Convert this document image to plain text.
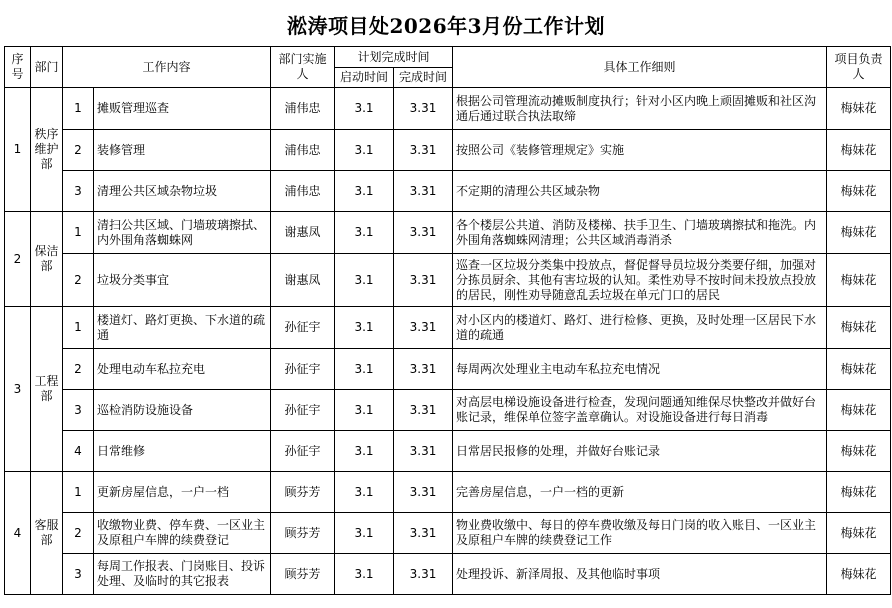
淞涛项目处2026年3月份工作计划
序号	部门	工作内容		部门实施人	计划完成时间		具体工作细则	项目负责人
					启动时间	完成时间		
1	秩序维护部	1	摊贩管理巡查	浦伟忠	3.1	3.31	根据公司管理流动摊贩制度执行；针对小区内晚上顽固摊贩和社区沟通后通过联合执法取缔	梅妹花
		2	装修管理	浦伟忠	3.1	3.31	按照公司《装修管理规定》实施	梅妹花
		3	清理公共区域杂物垃圾	浦伟忠	3.1	3.31	不定期的清理公共区域杂物	梅妹花
2	保洁部	1	清扫公共区域、门墙玻璃擦拭、内外围角落蜘蛛网	谢惠凤	3.1	3.31	各个楼层公共道、消防及楼梯、扶手卫生、门墙玻璃擦拭和拖洗。内外围角落蜘蛛网清理；公共区域消毒消杀	梅妹花
		2	垃圾分类事宜	谢惠凤	3.1	3.31	巡查一区垃圾分类集中投放点，督促督导员垃圾分类要仔细，加强对分拣员厨余、其他有害垃圾的认知。柔性劝导不按时间未投放点投放的居民，刚性劝导随意乱丢垃圾在单元门口的居民	梅妹花
3	工程部	1	楼道灯、路灯更换、下水道的疏通	孙征宇	3.1	3.31	对小区内的楼道灯、路灯、进行检修、更换，及时处理一区居民下水道的疏通	梅妹花
		2	处理电动车私拉充电	孙征宇	3.1	3.31	每周两次处理业主电动车私拉充电情况	梅妹花
		3	巡检消防设施设备	孙征宇	3.1	3.31	对高层电梯设施设备进行检查，发现问题通知维保尽快整改并做好台账记录，维保单位签字盖章确认。对设施设备进行每日消毒	梅妹花
		4	日常维修	孙征宇	3.1	3.31	日常居民报修的处理，并做好台账记录	梅妹花
4	客服部	1	更新房屋信息，一户一档	顾芬芳	3.1	3.31	完善房屋信息，一户一档的更新	梅妹花
		2	收缴物业费、停车费、一区业主及原租户车牌的续费登记	顾芬芳	3.1	3.31	物业费收缴中、每日的停车费收缴及每日门岗的收入账目、一区业主及原租户车牌的续费登记工作	梅妹花
		3	每周工作报表、门岗账目、投诉处理、及临时的其它报表	顾芬芳	3.1	3.31	处理投诉、新泽周报、及其他临时事项	梅妹花
